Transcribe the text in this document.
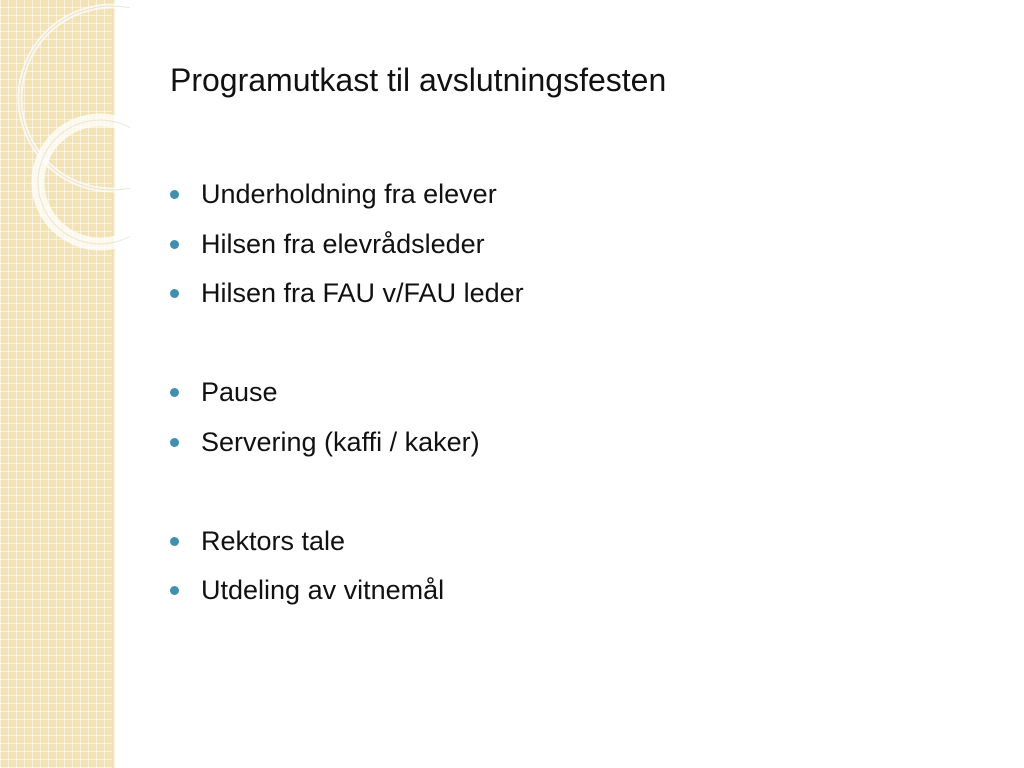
Programutkast til avslutningsfesten
Underholdning fra elever
Hilsen fra elevrådsleder
Hilsen fra FAU v/FAU leder
Pause
Servering (kaffi / kaker)
Rektors tale
Utdeling av vitnemål
